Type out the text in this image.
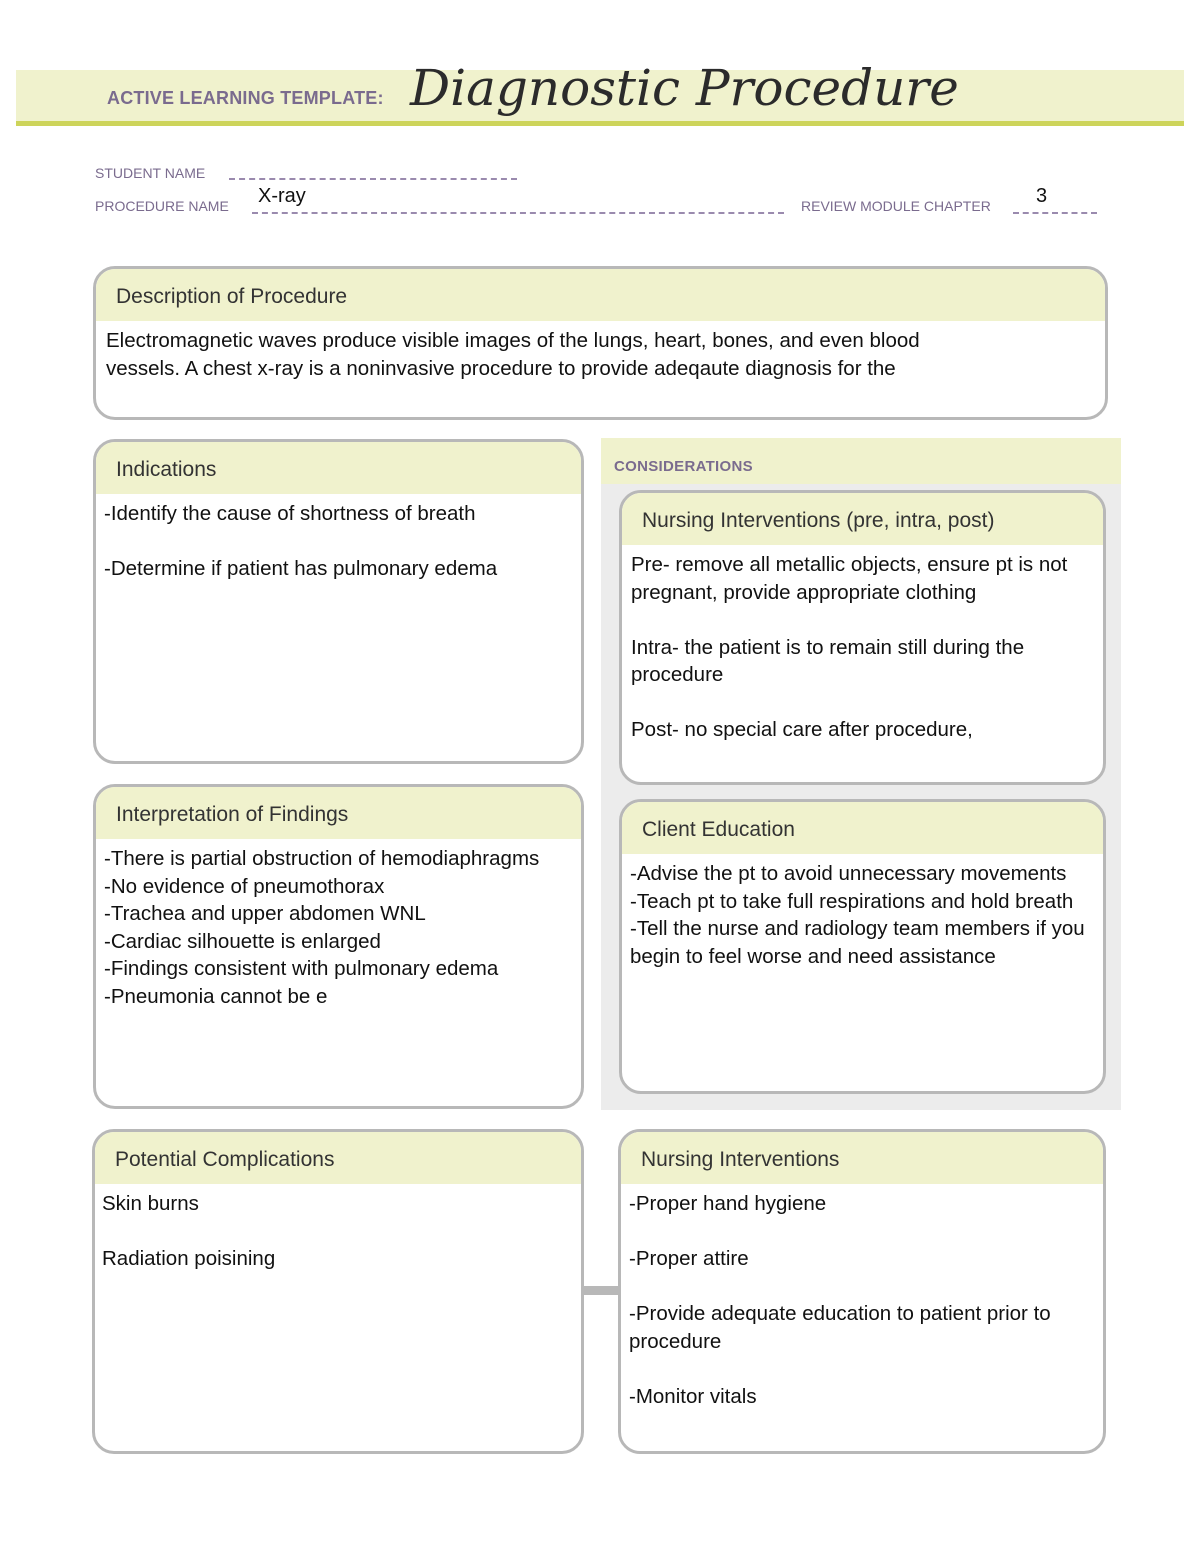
ACTIVE LEARNING TEMPLATE: Diagnostic Procedure
STUDENT NAME
PROCEDURE NAME X-ray	REVIEW MODULE CHAPTER 3
Description of Procedure

Electromagnetic waves produce visible images of the lungs, heart, bones, and even blood

vessels. A chest x-ray is a noninvasive procedure to provide adeqaute diagnosis for the

Indications

-Identify the cause of shortness of breath

-Determine if patient has pulmonary edema

CONSIDERATIONS
Nursing Interventions (pre, intra, post)

Pre- remove all metallic objects, ensure pt is not pregnant, provide appropriate clothing

Intra- the patient is to remain still during the procedure

Post- no special care after procedure,

Interpretation of Findings

-There is partial obstruction of hemodiaphragms

-No evidence of pneumothorax

-Trachea and upper abdomen WNL

-Cardiac silhouette is enlarged

-Findings consistent with pulmonary edema

-Pneumonia cannot be e

Client Education

-Advise the pt to avoid unnecessary movements

-Teach pt to take full respirations and hold breath

-Tell the nurse and radiology team members if you begin to feel worse and need assistance

Potential Complications

Skin burns

Radiation poisining

Nursing Interventions

-Proper hand hygiene

-Proper attire

-Provide adequate education to patient prior to procedure

-Monitor vitals
